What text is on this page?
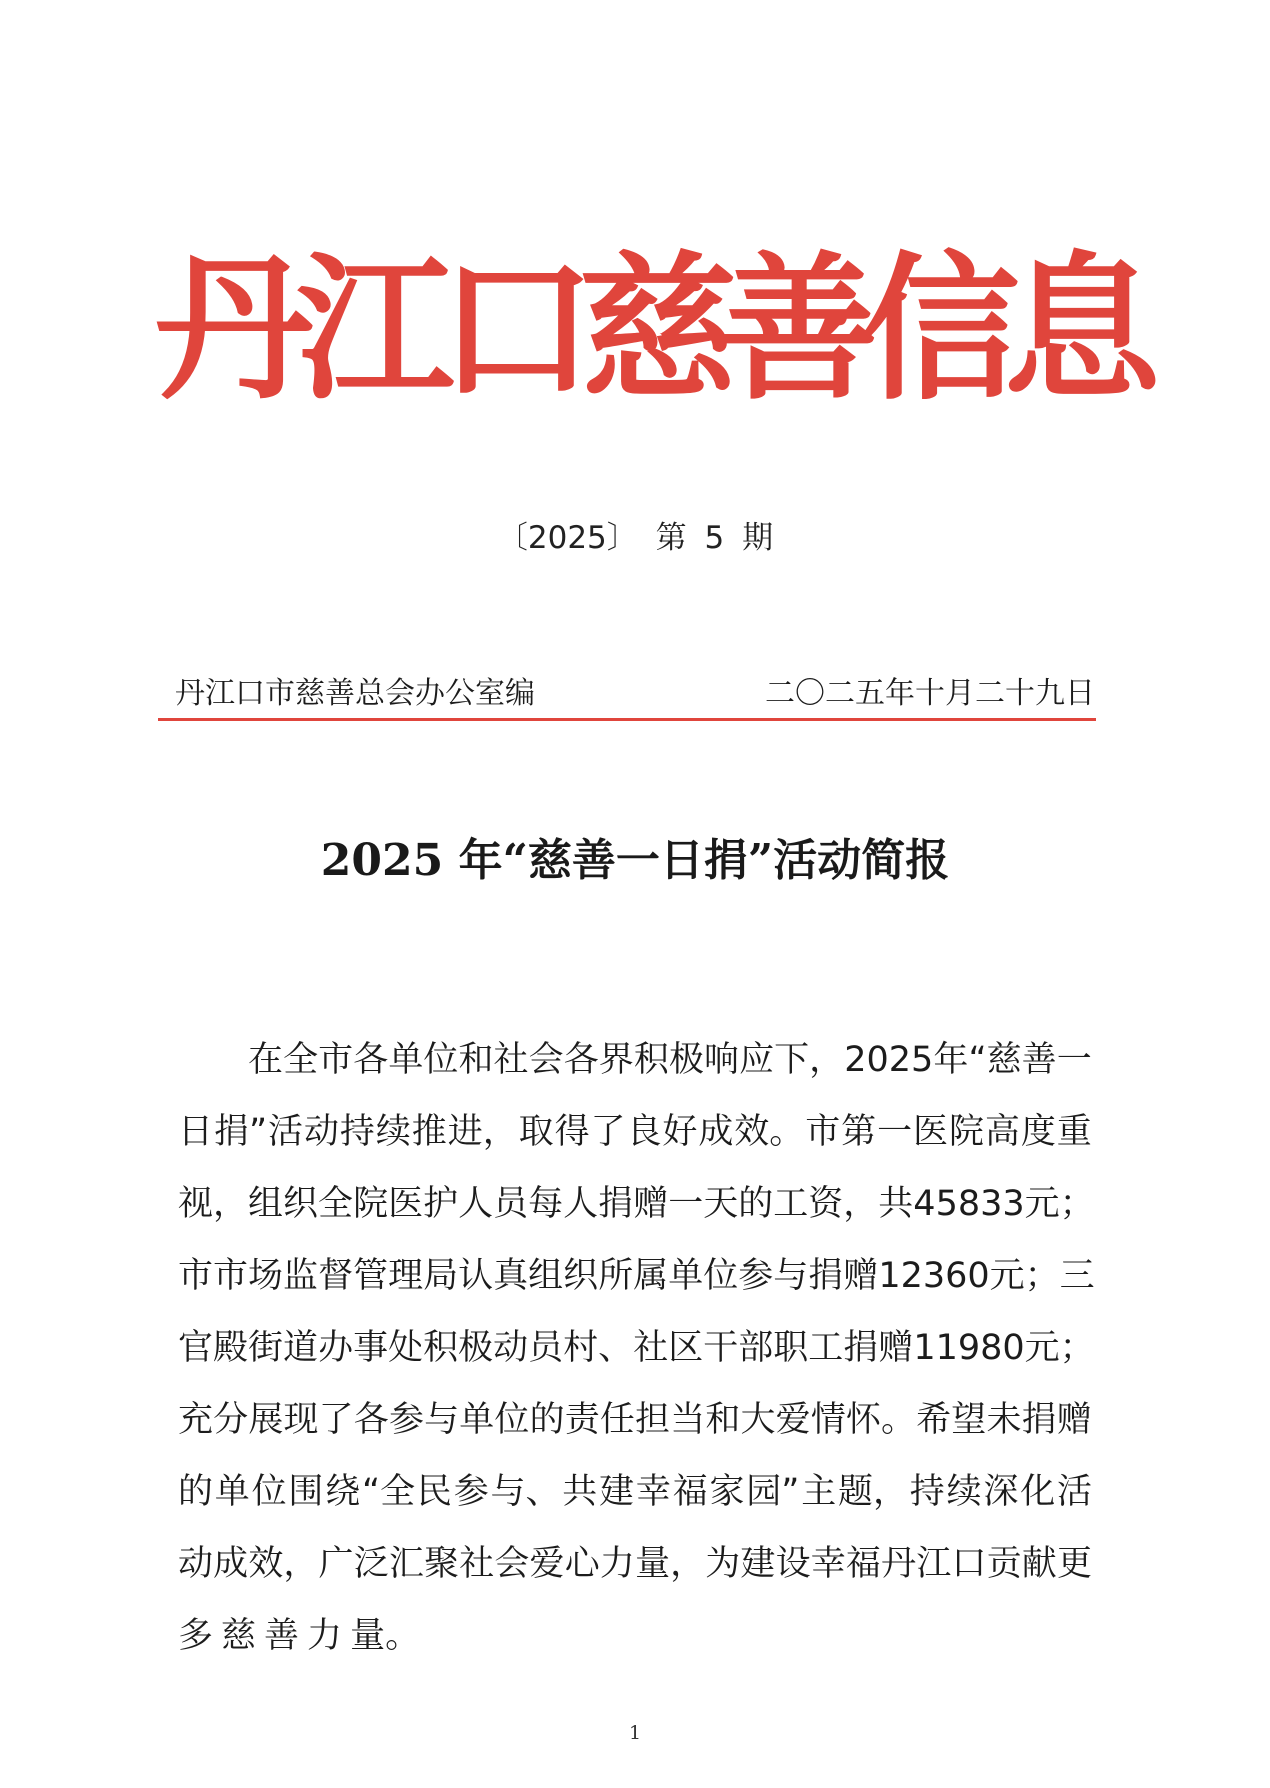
丹
江
口
慈
善
信
息
〔2025〕 第 5 期
丹江口市慈善总会办公室编	二〇二五年十月二十九日
2025 年“慈善一日捐”活动简报
在 全 市 各 单 位 和 社 会 各 界 积 极 响 应 下， 2025 年 “慈 善 一
日 捐” 活 动 持 续 推 进， 取 得 了 良 好 成 效。 市 第 一 医 院 高 度 重
视， 组 织 全 院 医 护 人 员 每 人 捐 赠 一 天 的 工 资， 共 45833 元；
市 市 场 监 督 管 理 局 认 真 组 织 所 属 单 位 参 与 捐 赠 12360 元； 三
官 殿 街 道 办 事 处 积 极 动 员 村、 社 区 干 部 职 工 捐 赠 11980 元；
充 分 展 现 了 各 参 与 单 位 的 责 任 担 当 和 大 爱 情 怀。 希 望 未 捐 赠
的 单 位 围 绕 “全 民 参 与、 共 建 幸 福 家 园” 主 题， 持 续 深 化 活
动 成 效， 广 泛 汇 聚 社 会 爱 心 力 量， 为 建 设 幸 福 丹 江 口 贡 献 更
多 慈 善 力 量。
1
